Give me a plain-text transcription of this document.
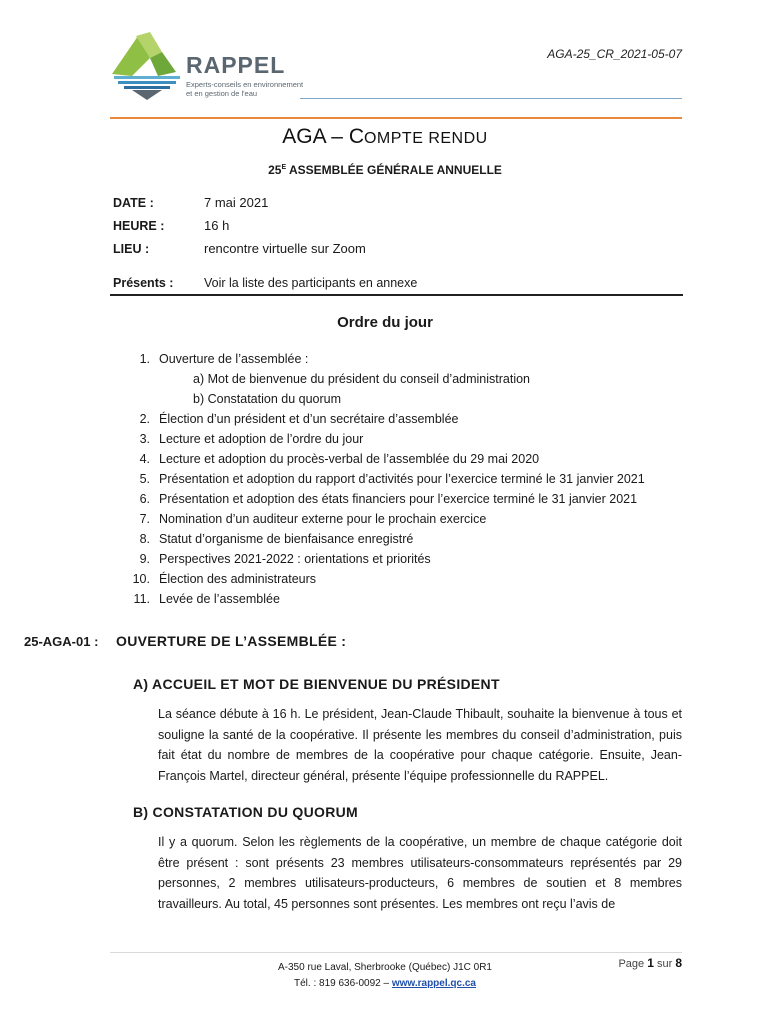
RAPPEL
Experts-conseils en environnement
et en gestion de l'eau
AGA-25_CR_2021-05-07
AGA – COMPTE RENDU
$25^E$ ASSEMBLÉE GÉNÉRALE ANNUELLE
DATE :	7 mai 2021
HEURE :	16 h
LIEU :	rencontre virtuelle sur Zoom
Présents : Voir la liste des participants en annexe
Ordre du jour
1. Ouverture de l’assemblée :
a) Mot de bienvenue du président du conseil d’administration
b) Constatation du quorum
2. Élection d’un président et d’un secrétaire d’assemblée
3. Lecture et adoption de l’ordre du jour
4. Lecture et adoption du procès-verbal de l’assemblée du 29 mai 2020
5. Présentation et adoption du rapport d’activités pour l’exercice terminé le 31 janvier 2021
6. Présentation et adoption des états financiers pour l’exercice terminé le 31 janvier 2021
7. Nomination d’un auditeur externe pour le prochain exercice
8. Statut d’organisme de bienfaisance enregistré
9. Perspectives 2021-2022 : orientations et priorités
10. Élection des administrateurs
11. Levée de l’assemblée
25-AGA-01 : OUVERTURE DE L’ASSEMBLÉE :
A) ACCUEIL ET MOT DE BIENVENUE DU PRÉSIDENT
La séance débute à 16 h. Le président, Jean-Claude Thibault, souhaite la bienvenue à tous et souligne la santé de la coopérative. Il présente les membres du conseil d’administration, puis fait état du nombre de membres de la coopérative pour chaque catégorie. Ensuite, Jean-François Martel, directeur général, présente l’équipe professionnelle du RAPPEL.
B) CONSTATATION DU QUORUM
Il y a quorum. Selon les règlements de la coopérative, un membre de chaque catégorie doit être présent : sont présents 23 membres utilisateurs-consommateurs représentés par 29 personnes, 2 membres utilisateurs-producteurs, 6 membres de soutien et 8 membres travailleurs. Au total, 45 personnes sont présentes. Les membres ont reçu l’avis de
A-350 rue Laval, Sherbrooke (Québec) J1C 0R1
Tél. : 819 636-0092 – www.rappel.qc.ca
Page 1 sur 8
